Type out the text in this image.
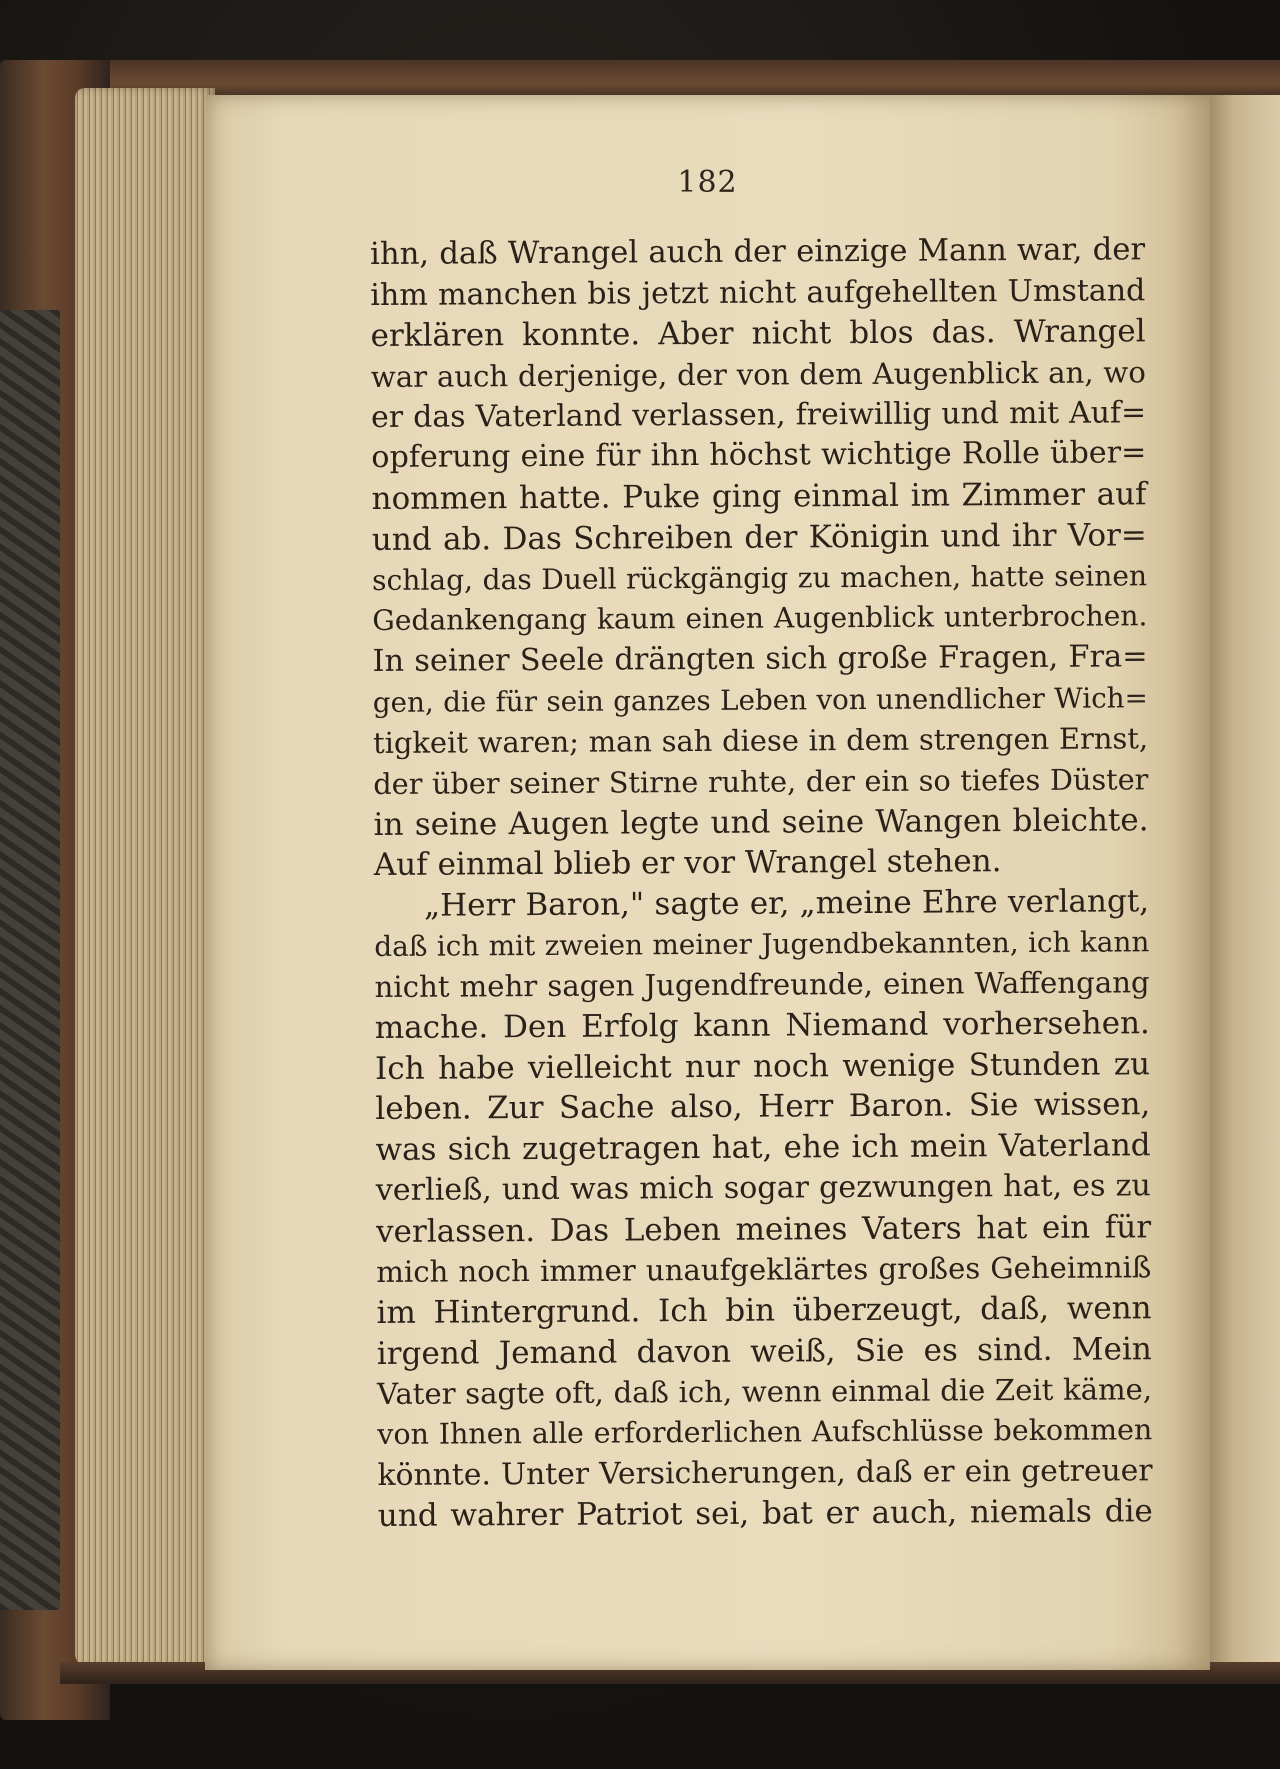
182
ihn, daß Wrangel auch der einzige Mann war, der
ihm manchen bis jetzt nicht aufgehellten Umstand
erklären konnte. Aber nicht blos das. Wrangel
war auch derjenige, der von dem Augenblick an, wo
er das Vaterland verlassen, freiwillig und mit Auf=
opferung eine für ihn höchst wichtige Rolle über=
nommen hatte. Puke ging einmal im Zimmer auf
und ab. Das Schreiben der Königin und ihr Vor=
schlag, das Duell rückgängig zu machen, hatte seinen
Gedankengang kaum einen Augenblick unterbrochen.
In seiner Seele drängten sich große Fragen, Fra=
gen, die für sein ganzes Leben von unendlicher Wich=
tigkeit waren; man sah diese in dem strengen Ernst,
der über seiner Stirne ruhte, der ein so tiefes Düster
in seine Augen legte und seine Wangen bleichte.
Auf einmal blieb er vor Wrangel stehen.
„Herr Baron," sagte er, „meine Ehre verlangt,
daß ich mit zweien meiner Jugendbekannten, ich kann
nicht mehr sagen Jugendfreunde, einen Waffengang
mache. Den Erfolg kann Niemand vorhersehen.
Ich habe vielleicht nur noch wenige Stunden zu
leben. Zur Sache also, Herr Baron. Sie wissen,
was sich zugetragen hat, ehe ich mein Vaterland
verließ, und was mich sogar gezwungen hat, es zu
verlassen. Das Leben meines Vaters hat ein für
mich noch immer unaufgeklärtes großes Geheimniß
im Hintergrund. Ich bin überzeugt, daß, wenn
irgend Jemand davon weiß, Sie es sind. Mein
Vater sagte oft, daß ich, wenn einmal die Zeit käme,
von Ihnen alle erforderlichen Aufschlüsse bekommen
könnte. Unter Versicherungen, daß er ein getreuer
und wahrer Patriot sei, bat er auch, niemals die
